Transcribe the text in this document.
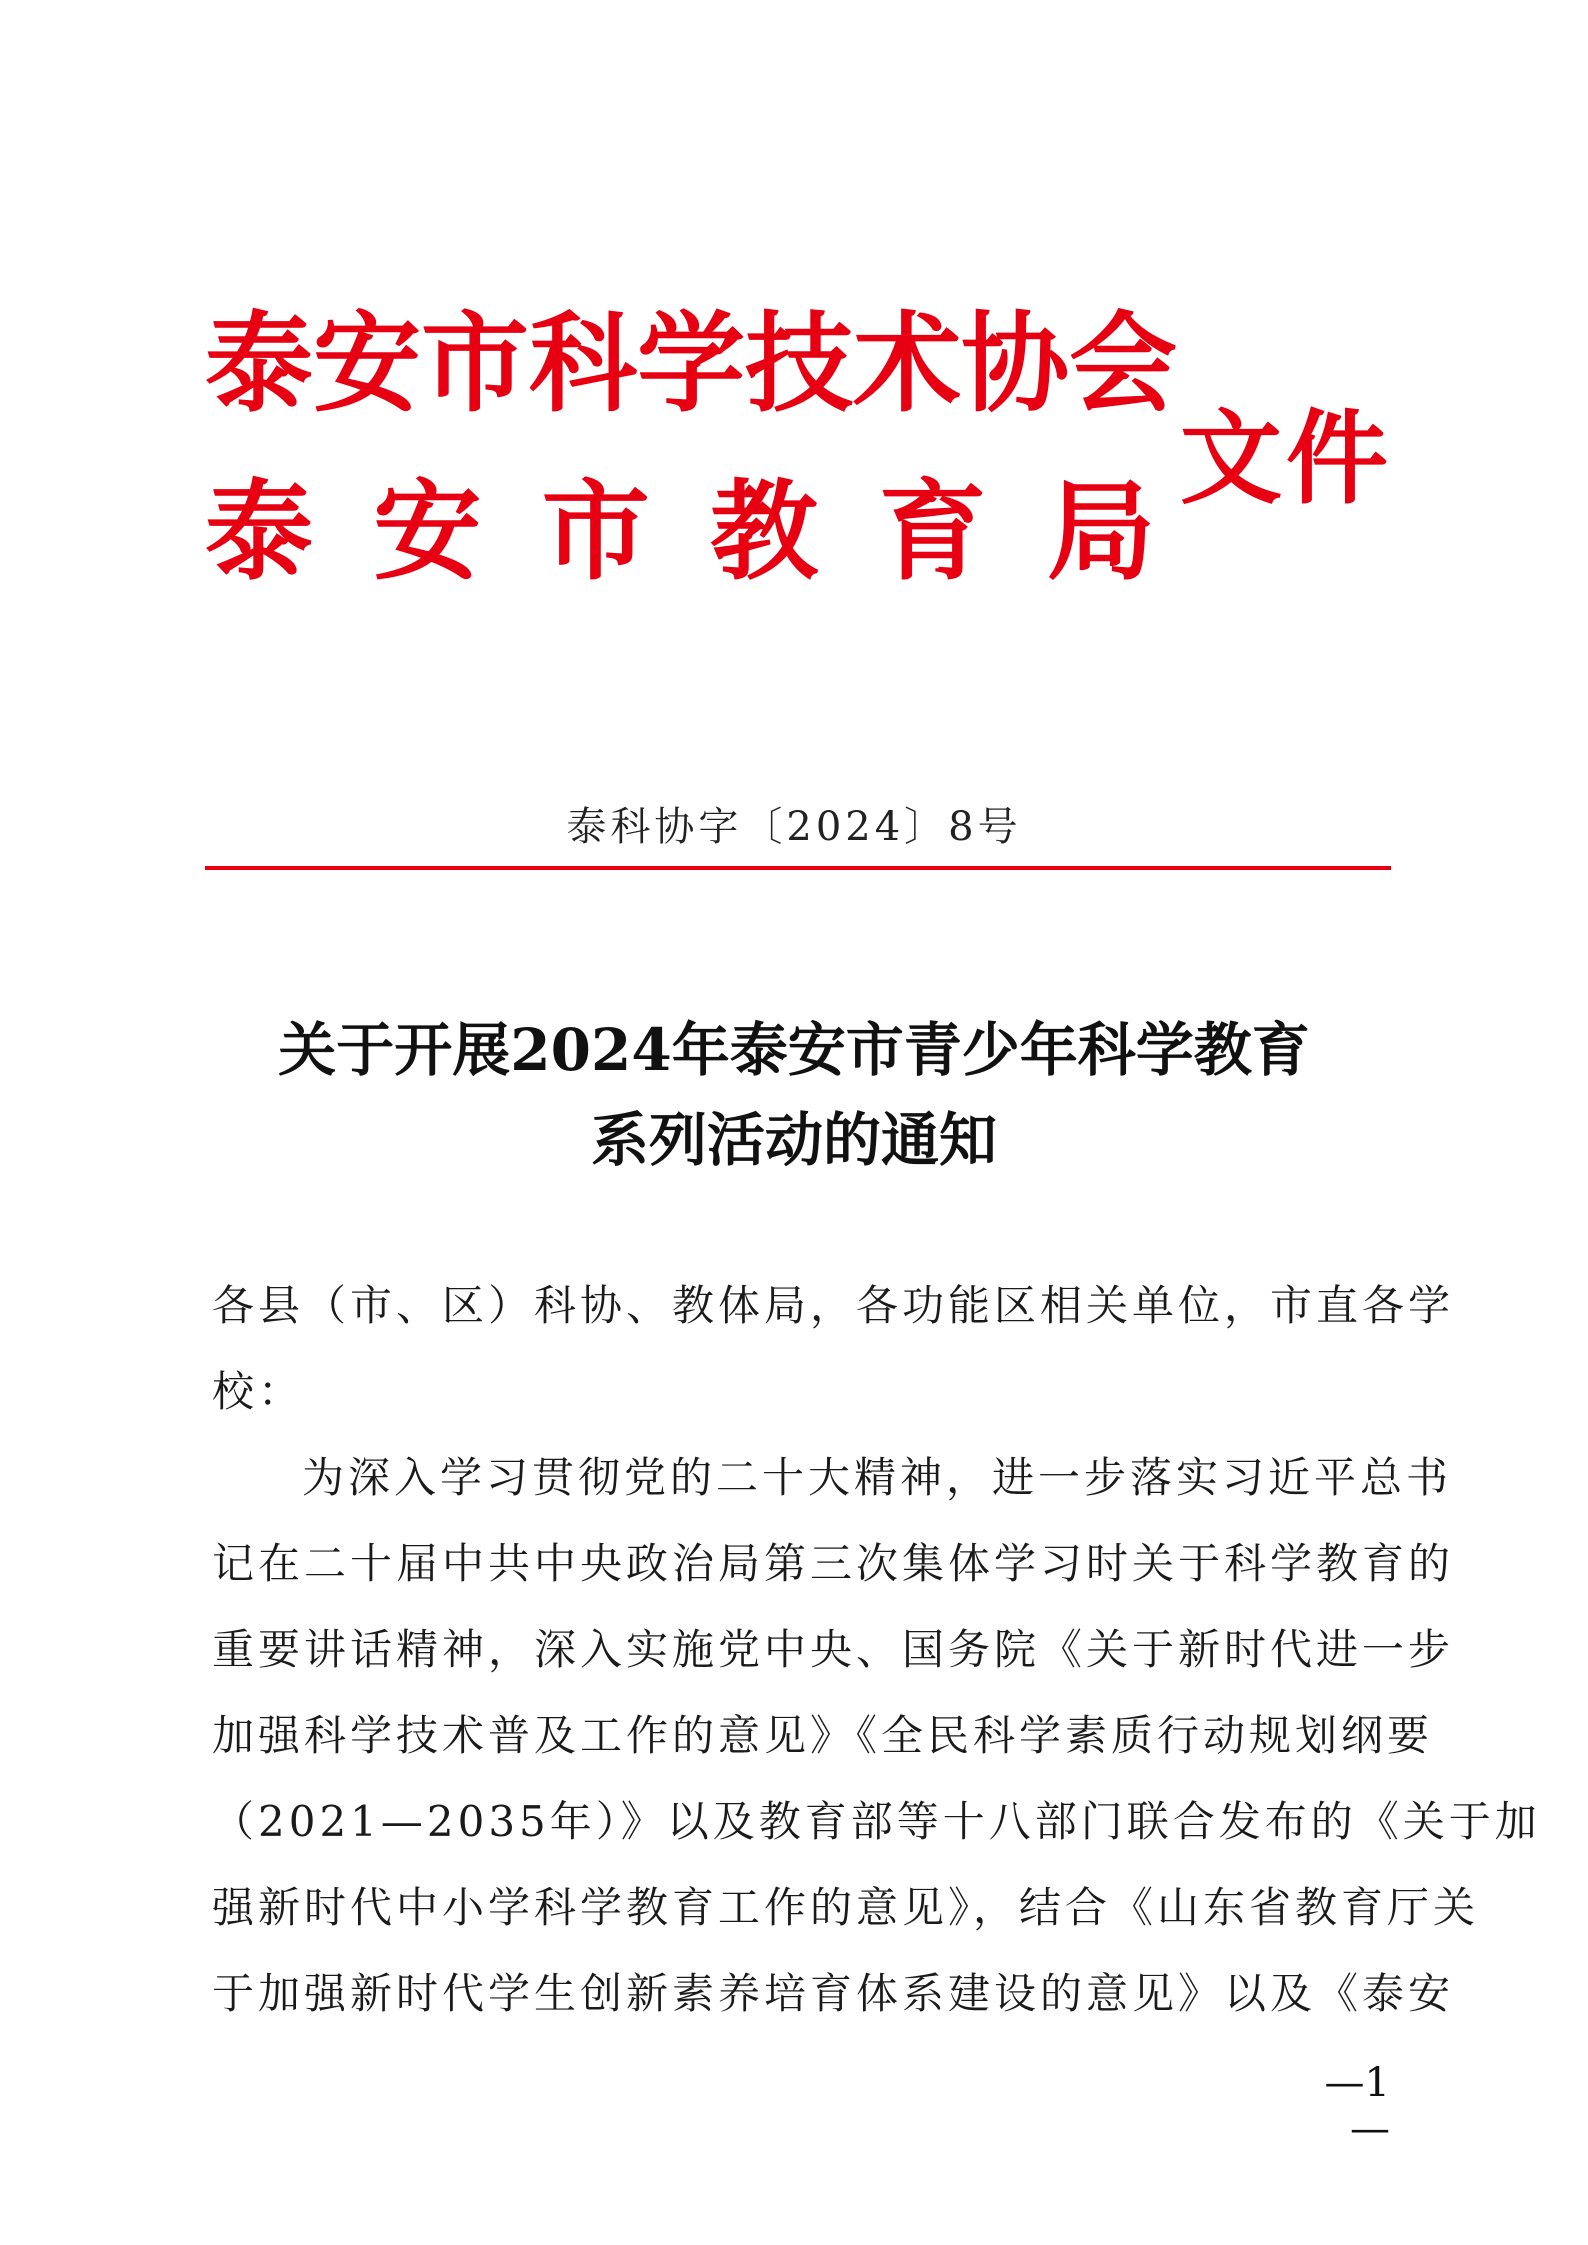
泰 安 市 科 学 技 术 协 会
泰 安 市 教 育 局
文件
泰科协字〔2024〕8号
关于开展2024年泰安市青少年科学教育
系列活动的通知
各县（市、区）科协、教体局，各功能区相关单位，市直各学
校：
为深入学习贯彻党的二十大精神，进一步落实习近平总书
记在二十届中共中央政治局第三次集体学习时关于科学教育的
重要讲话精神，深入实施党中央、国务院《关于新时代进一步
加强科学技术普及工作的意见》《全民科学素质行动规划纲要
（2021—2035年）》以及教育部等十八部门联合发布的《关于加
强新时代中小学科学教育工作的意见》，结合《山东省教育厅关
于加强新时代学生创新素养培育体系建设的意见》以及《泰安
—1—
